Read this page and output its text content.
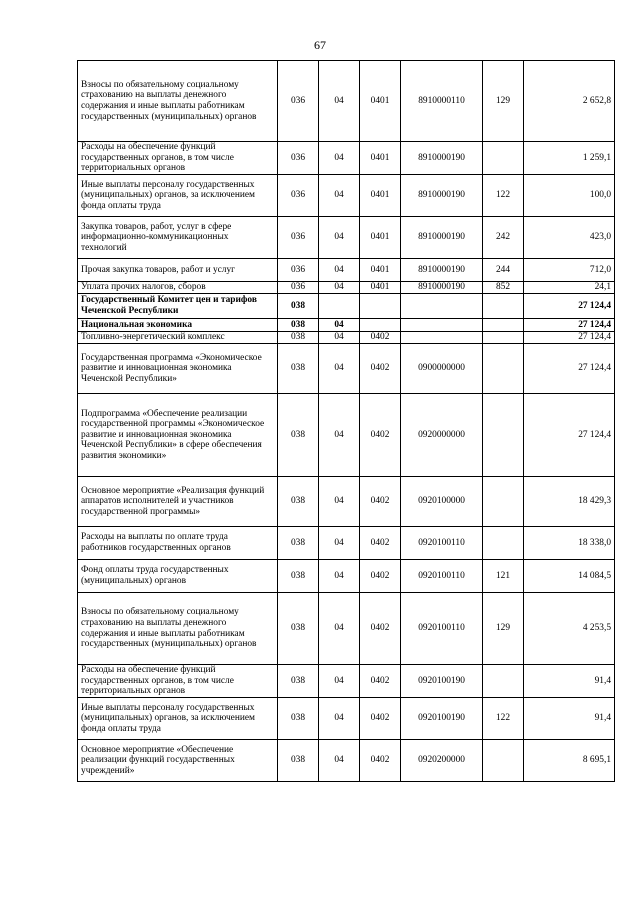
67
Взносы по обязательному социальному страхованию на выплаты денежного содержания и иные выплаты работникам государственных (муниципальных) органов	036	04	0401	8910000110	129	2 652,8
Расходы на обеспечение функций государственных органов, в том числе территориальных органов	036	04	0401	8910000190		1 259,1
Иные выплаты персоналу государственных (муниципальных) органов, за исключением фонда оплаты труда	036	04	0401	8910000190	122	100,0
Закупка товаров, работ, услуг в сфере информационно-коммуникационных технологий	036	04	0401	8910000190	242	423,0
Прочая закупка товаров, работ и услуг	036	04	0401	8910000190	244	712,0
Уплата прочих налогов, сборов	036	04	0401	8910000190	852	24,1
Государственный Комитет цен и тарифов Чеченской Республики	038					27 124,4
Национальная экономика	038	04				27 124,4
Топливно-энергетический комплекс	038	04	0402			27 124,4
Государственная программа «Экономическое развитие и инновационная экономика Чеченской Республики»	038	04	0402	0900000000		27 124,4
Подпрограмма «Обеспечение реализации государственной программы «Экономическое развитие и инновационная экономика Чеченской Республики» в сфере обеспечения развития экономики»	038	04	0402	0920000000		27 124,4
Основное мероприятие «Реализация функций аппаратов исполнителей и участников государственной программы»	038	04	0402	0920100000		18 429,3
Расходы на выплаты по оплате труда работников государственных органов	038	04	0402	0920100110		18 338,0
Фонд оплаты труда государственных (муниципальных) органов	038	04	0402	0920100110	121	14 084,5
Взносы по обязательному социальному страхованию на выплаты денежного содержания и иные выплаты работникам государственных (муниципальных) органов	038	04	0402	0920100110	129	4 253,5
Расходы на обеспечение функций государственных органов, в том числе территориальных органов	038	04	0402	0920100190		91,4
Иные выплаты персоналу государственных (муниципальных) органов, за исключением фонда оплаты труда	038	04	0402	0920100190	122	91,4
Основное мероприятие «Обеспечение реализации функций государственных учреждений»	038	04	0402	0920200000		8 695,1
